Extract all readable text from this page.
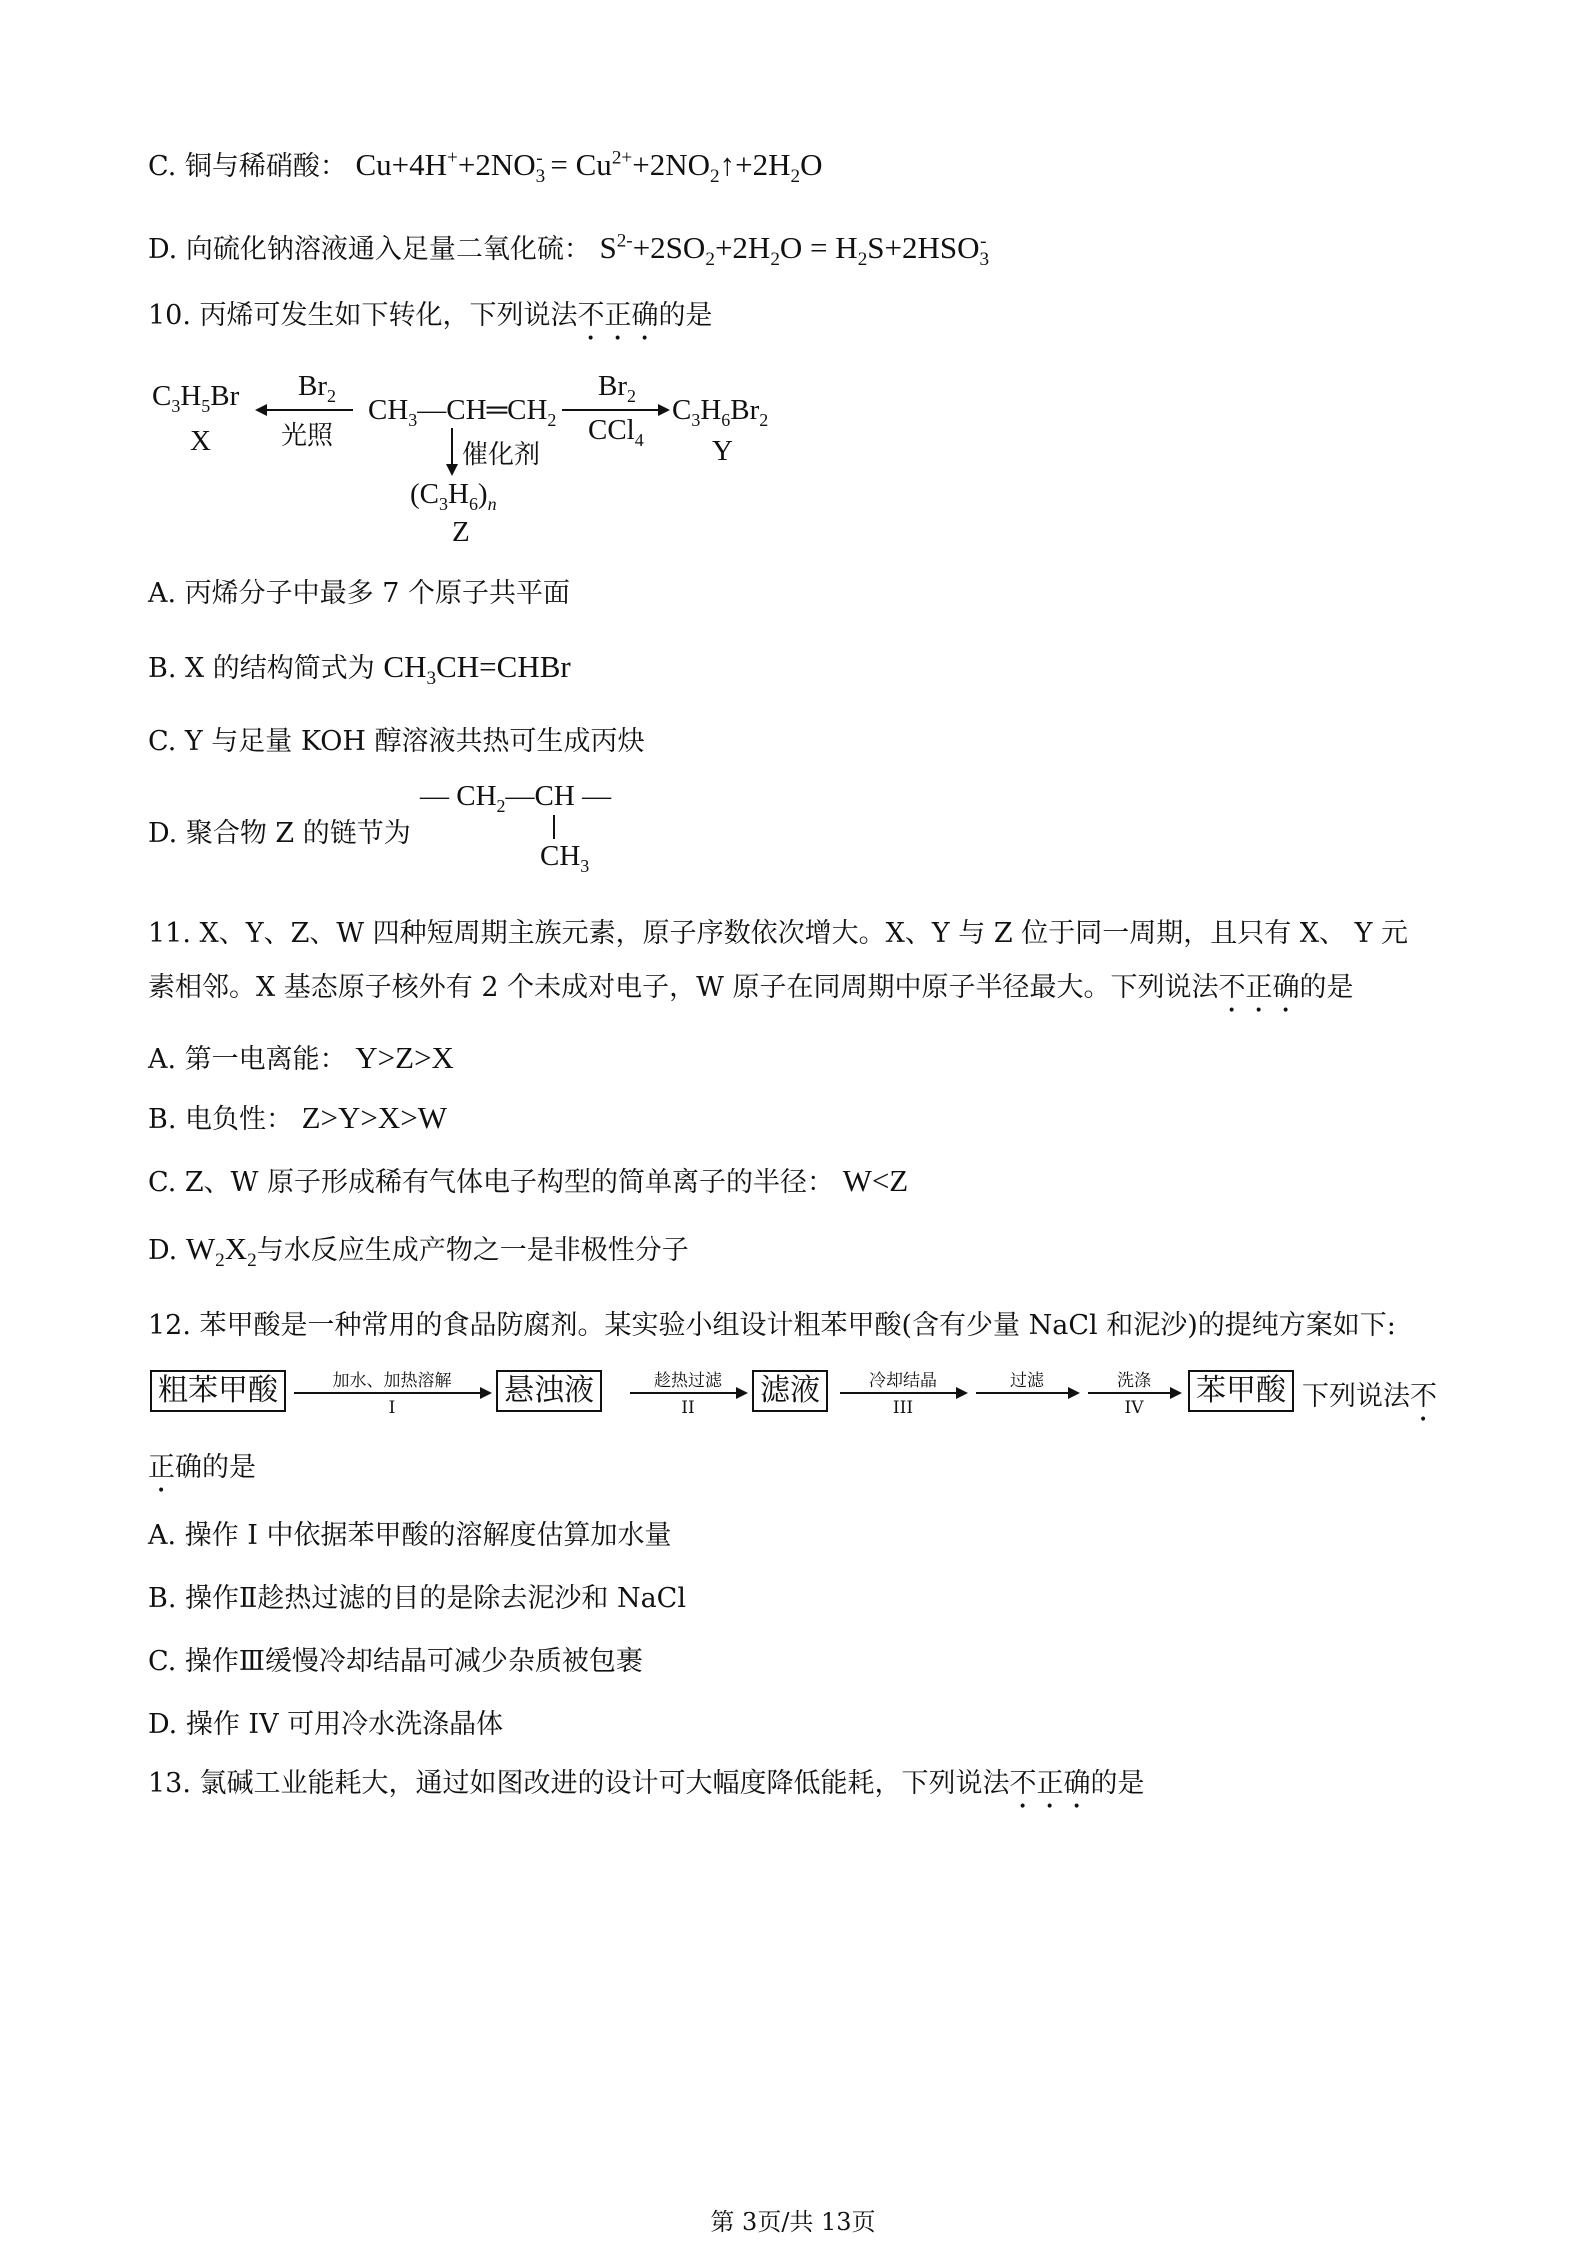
C. 铜与稀硝酸： $Cu+4H^++2NO_3^-$ = $Cu^{2+}+2NO_2↑+2H_2O$
D. 向硫化钠溶液通入足量二氧化硫： $S^{2-}+2SO_2+2H_2O = H_2S+2HSO_3^-$
10. 丙烯可发生如下转化，下列说法不正确的是
$C_3H_5Br$
X
$Br_2$
光照
$CH_3—CH═CH_2$
$Br_2$
CCl$_4$
$C_3H_6Br_2$
Y
催化剂
$(C_3H_6)_n$
Z
A. 丙烯分子中最多 7 个原子共平面
B. X 的结构简式为 $CH_3CH=CHBr$
C. Y 与足量 KOH 醇溶液共热可生成丙炔
D. 聚合物 Z 的链节为
— $CH_2—CH$ —
$CH_3$
11. X、Y、Z、W 四种短周期主族元素，原子序数依次增大。X、Y 与 Z 位于同一周期，且只有 X、 Y 元
素相邻。X 基态原子核外有 2 个未成对电子，W 原子在同周期中原子半径最大。下列说法不正确的是
A. 第一电离能： Y>Z>X
B. 电负性： Z>Y>X>W
C. Z、W 原子形成稀有气体电子构型的简单离子的半径： W<Z
D. $W_2X_2$与水反应生成产物之一是非极性分子
12. 苯甲酸是一种常用的食品防腐剂。某实验小组设计粗苯甲酸(含有少量 NaCl 和泥沙)的提纯方案如下:
粗苯甲酸	加水、加热溶解
I	悬浊液	趁热过滤
II	滤液	冷却结晶
III
过滤	洗涤
IV	苯甲酸 下列说法不
正确的是
A. 操作 I 中依据苯甲酸的溶解度估算加水量
B. 操作Ⅱ趁热过滤的目的是除去泥沙和 NaCl
C. 操作Ⅲ缓慢冷却结晶可减少杂质被包裹
D. 操作 IV 可用冷水洗涤晶体
13. 氯碱工业能耗大，通过如图改进的设计可大幅度降低能耗，下列说法不正确的是
第 3页/共 13页
